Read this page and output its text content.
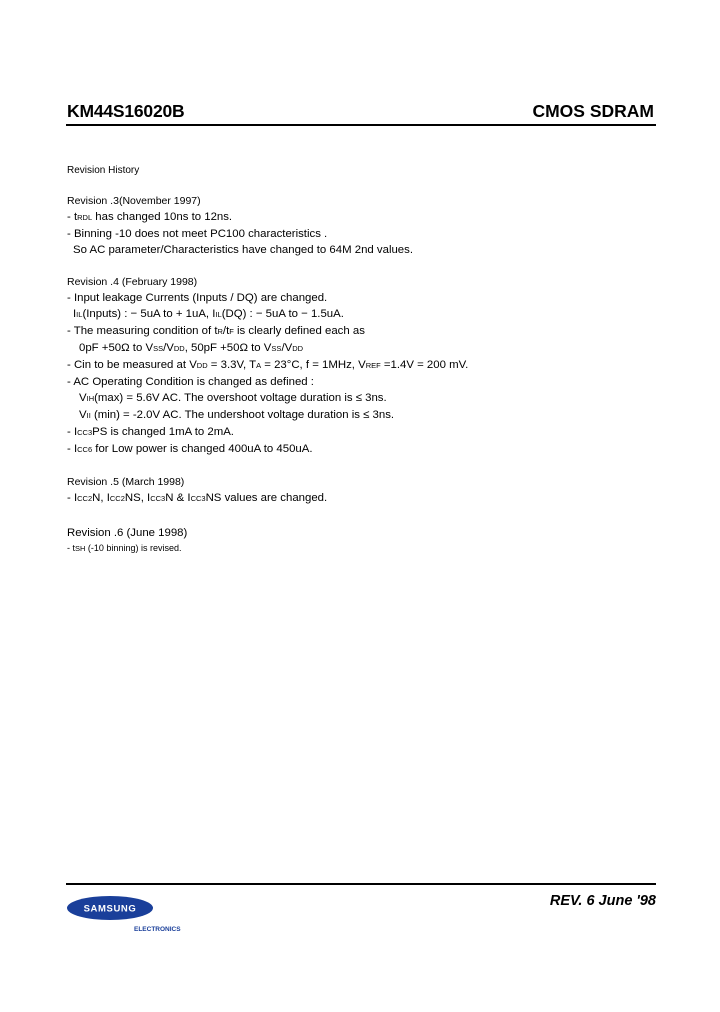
KM44S16020B	CMOS SDRAM
Revision History
Revision .3(November 1997)
- tRDL has changed 10ns to 12ns.
- Binning -10 does not meet PC100 characteristics .
So AC parameter/Characteristics have changed to 64M 2nd values.
Revision .4 (February 1998)
- Input leakage Currents (Inputs / DQ) are changed.
IIL(Inputs) : − 5uA to + 1uA, IIL(DQ) : − 5uA to − 1.5uA.
- The measuring condition of tR/tF is clearly defined each as
0pF +50Ω to VSS/VDD, 50pF +50Ω to VSS/VDD
- Cin to be measured at VDD = 3.3V, TA = 23°C, f = 1MHz, VREF =1.4V = 200 mV.
- AC Operating Condition is changed as defined :
VIH(max) = 5.6V AC. The overshoot voltage duration is ≤ 3ns.
VII (min) = -2.0V AC. The undershoot voltage duration is ≤ 3ns.
- ICC3PS is changed 1mA to 2mA.
- ICC6 for Low power is changed 400uA to 450uA.
Revision .5 (March 1998)
- ICC2N, ICC2NS, ICC3N & ICC3NS values are changed.
Revision .6 (June 1998)
- tSH (-10 binning) is revised.
SAMSUNG
ELECTRONICS
REV. 6 June '98
